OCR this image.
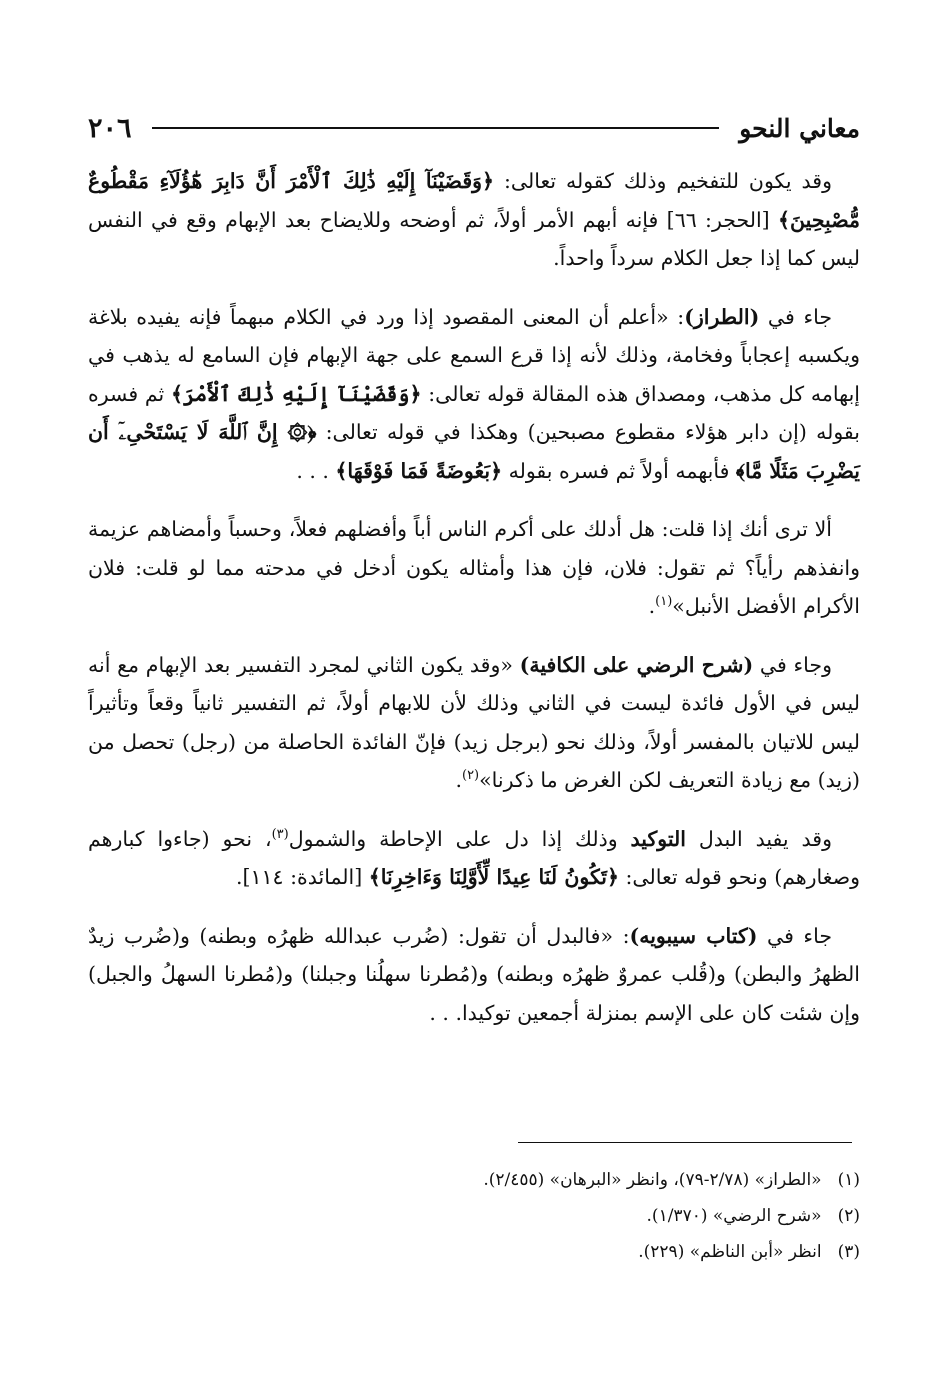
٢٠٦	معاني النحو

وقد يكون للتفخيم وذلك كقوله تعالى: ﴿وَقَضَيْنَآ إِلَيْهِ ذَٰلِكَ ٱلْأَمْرَ أَنَّ دَابِرَ هَٰٓؤُلَآءِ مَقْطُوعٌ مُّصْبِحِينَ﴾ [الحجر: ٦٦] فإنه أبهم الأمر أولاً، ثم أوضحه وللايضاح بعد الإبهام وقع في النفس ليس كما إذا جعل الكلام سرداً واحداً.

جاء في (الطراز): «أعلم أن المعنى المقصود إذا ورد في الكلام مبهماً فإنه يفيده بلاغة ويكسبه إعجاباً وفخامة، وذلك لأنه إذا قرع السمع على جهة الإبهام فإن السامع له يذهب في إبهامه كل مذهب، ومصداق هذه المقالة قوله تعالى: ﴿وَقَضَيْنَآ إِلَيْهِ ذَٰلِكَ ٱلْأَمْرَ﴾ ثم فسره بقوله (إن دابر هؤلاء مقطوع مصبحين) وهكذا في قوله تعالى: ﴿۞ إِنَّ ٱللَّهَ لَا يَسْتَحْىِۦٓ أَن يَضْرِبَ مَثَلًا مَّا﴾ فأبهمه أولاً ثم فسره بقوله ﴿بَعُوضَةً فَمَا فَوْقَهَا﴾ . . .

ألا ترى أنك إذا قلت: هل أدلك على أكرم الناس أباً وأفضلهم فعلاً، وحسباً وأمضاهم عزيمة وانفذهم رأياً؟ ثم تقول: فلان، فإن هذا وأمثاله يكون أدخل في مدحته مما لو قلت: فلان الأكرام الأفضل الأنبل»$^{(١)}$.

وجاء في (شرح الرضي على الكافية) «وقد يكون الثاني لمجرد التفسير بعد الإبهام مع أنه ليس في الأول فائدة ليست في الثاني وذلك لأن للابهام أولاً، ثم التفسير ثانياً وقعاً وتأثيراً ليس للاتيان بالمفسر أولاً، وذلك نحو (برجل زيد) فإنّ الفائدة الحاصلة من (رجل) تحصل من (زيد) مع زيادة التعريف لكن الغرض ما ذكرنا»$^{(٢)}$.

وقد يفيد البدل التوكيد وذلك إذا دل على الإحاطة والشمول$^{(٣)}$، نحو (جاءوا كبارهم وصغارهم) ونحو قوله تعالى: ﴿تَكُونُ لَنَا عِيدًا لِّأَوَّلِنَا وَءَاخِرِنَا﴾ [المائدة: ١١٤].

جاء في (كتاب سيبويه): «فالبدل أن تقول: (ضُرب عبدالله ظهرُه وبطنه) و(ضُرب زيدٌ الظهرُ والبطن) و(قُلب عمروٌ ظهرُه وبطنه) و(مُطرنا سهلُنا وجبلنا) و(مُطرنا السهلُ والجبل) وإن شئت كان على الإسم بمنزلة أجمعين توكيدا. . .

(١)
«الطراز» (٢/٧٨-٧٩)، وانظر «البرهان» (٢/٤٥٥).
(٢)
«شرح الرضي» (١/٣٧٠).
(٣)
انظر «أبن الناظم» (٢٢٩).
